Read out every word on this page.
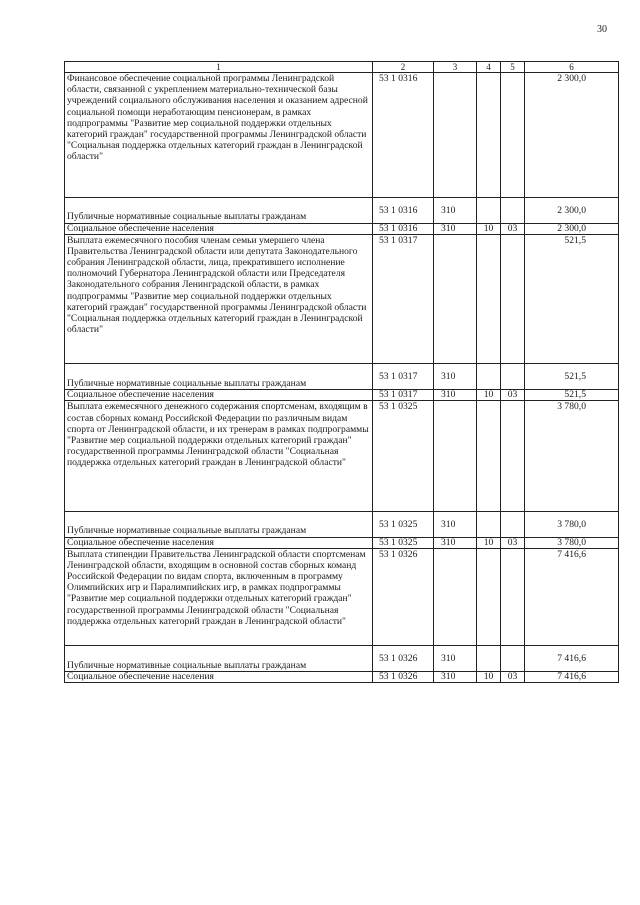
30
1	2	3	4	5	6
Финансовое обеспечение социальной программы Ленинградской области, связанной с укреплением материально-технической базы учреждений социального обслуживания населения и оказанием адресной социальной помощи неработающим пенсионерам, в рамках подпрограммы "Развитие мер социальной поддержки отдельных категорий граждан" государственной программы Ленинградской области "Социальная поддержка отдельных категорий граждан в Ленинградской области"	53 1 0316				2 300,0
Публичные нормативные социальные выплаты гражданам	53 1 0316	310			2 300,0
Социальное обеспечение населения	53 1 0316	310	10	03	2 300,0
Выплата ежемесячного пособия членам семьи умершего члена Правительства Ленинградской области или депутата Законодательного собрания Ленинградской области, лица, прекратившего исполнение полномочий Губернатора Ленинградской области или Председателя Законодательного собрания Ленинградской области, в рамках подпрограммы "Развитие мер социальной поддержки отдельных категорий граждан" государственной программы Ленинградской области "Социальная поддержка отдельных категорий граждан в Ленинградской области"	53 1 0317				521,5
Публичные нормативные социальные выплаты гражданам	53 1 0317	310			521,5
Социальное обеспечение населения	53 1 0317	310	10	03	521,5
Выплата ежемесячного денежного содержания спортсменам, входящим в состав сборных команд Российской Федерации по различным видам спорта от Ленинградской области, и их тренерам в рамках подпрограммы "Развитие мер социальной поддержки отдельных категорий граждан" государственной программы Ленинградской области "Социальная поддержка отдельных категорий граждан в Ленинградской области"	53 1 0325				3 780,0
Публичные нормативные социальные выплаты гражданам	53 1 0325	310			3 780,0
Социальное обеспечение населения	53 1 0325	310	10	03	3 780,0
Выплата стипендии Правительства Ленинградской области спортсменам Ленинградской области, входящим в основной состав сборных команд Российской Федерации по видам спорта, включенным в программу Олимпийских игр и Паралимпийских игр, в рамках подпрограммы "Развитие мер социальной поддержки отдельных категорий граждан" государственной программы Ленинградской области "Социальная поддержка отдельных категорий граждан в Ленинградской области"	53 1 0326				7 416,6
Публичные нормативные социальные выплаты гражданам	53 1 0326	310			7 416,6
Социальное обеспечение населения	53 1 0326	310	10	03	7 416,6
